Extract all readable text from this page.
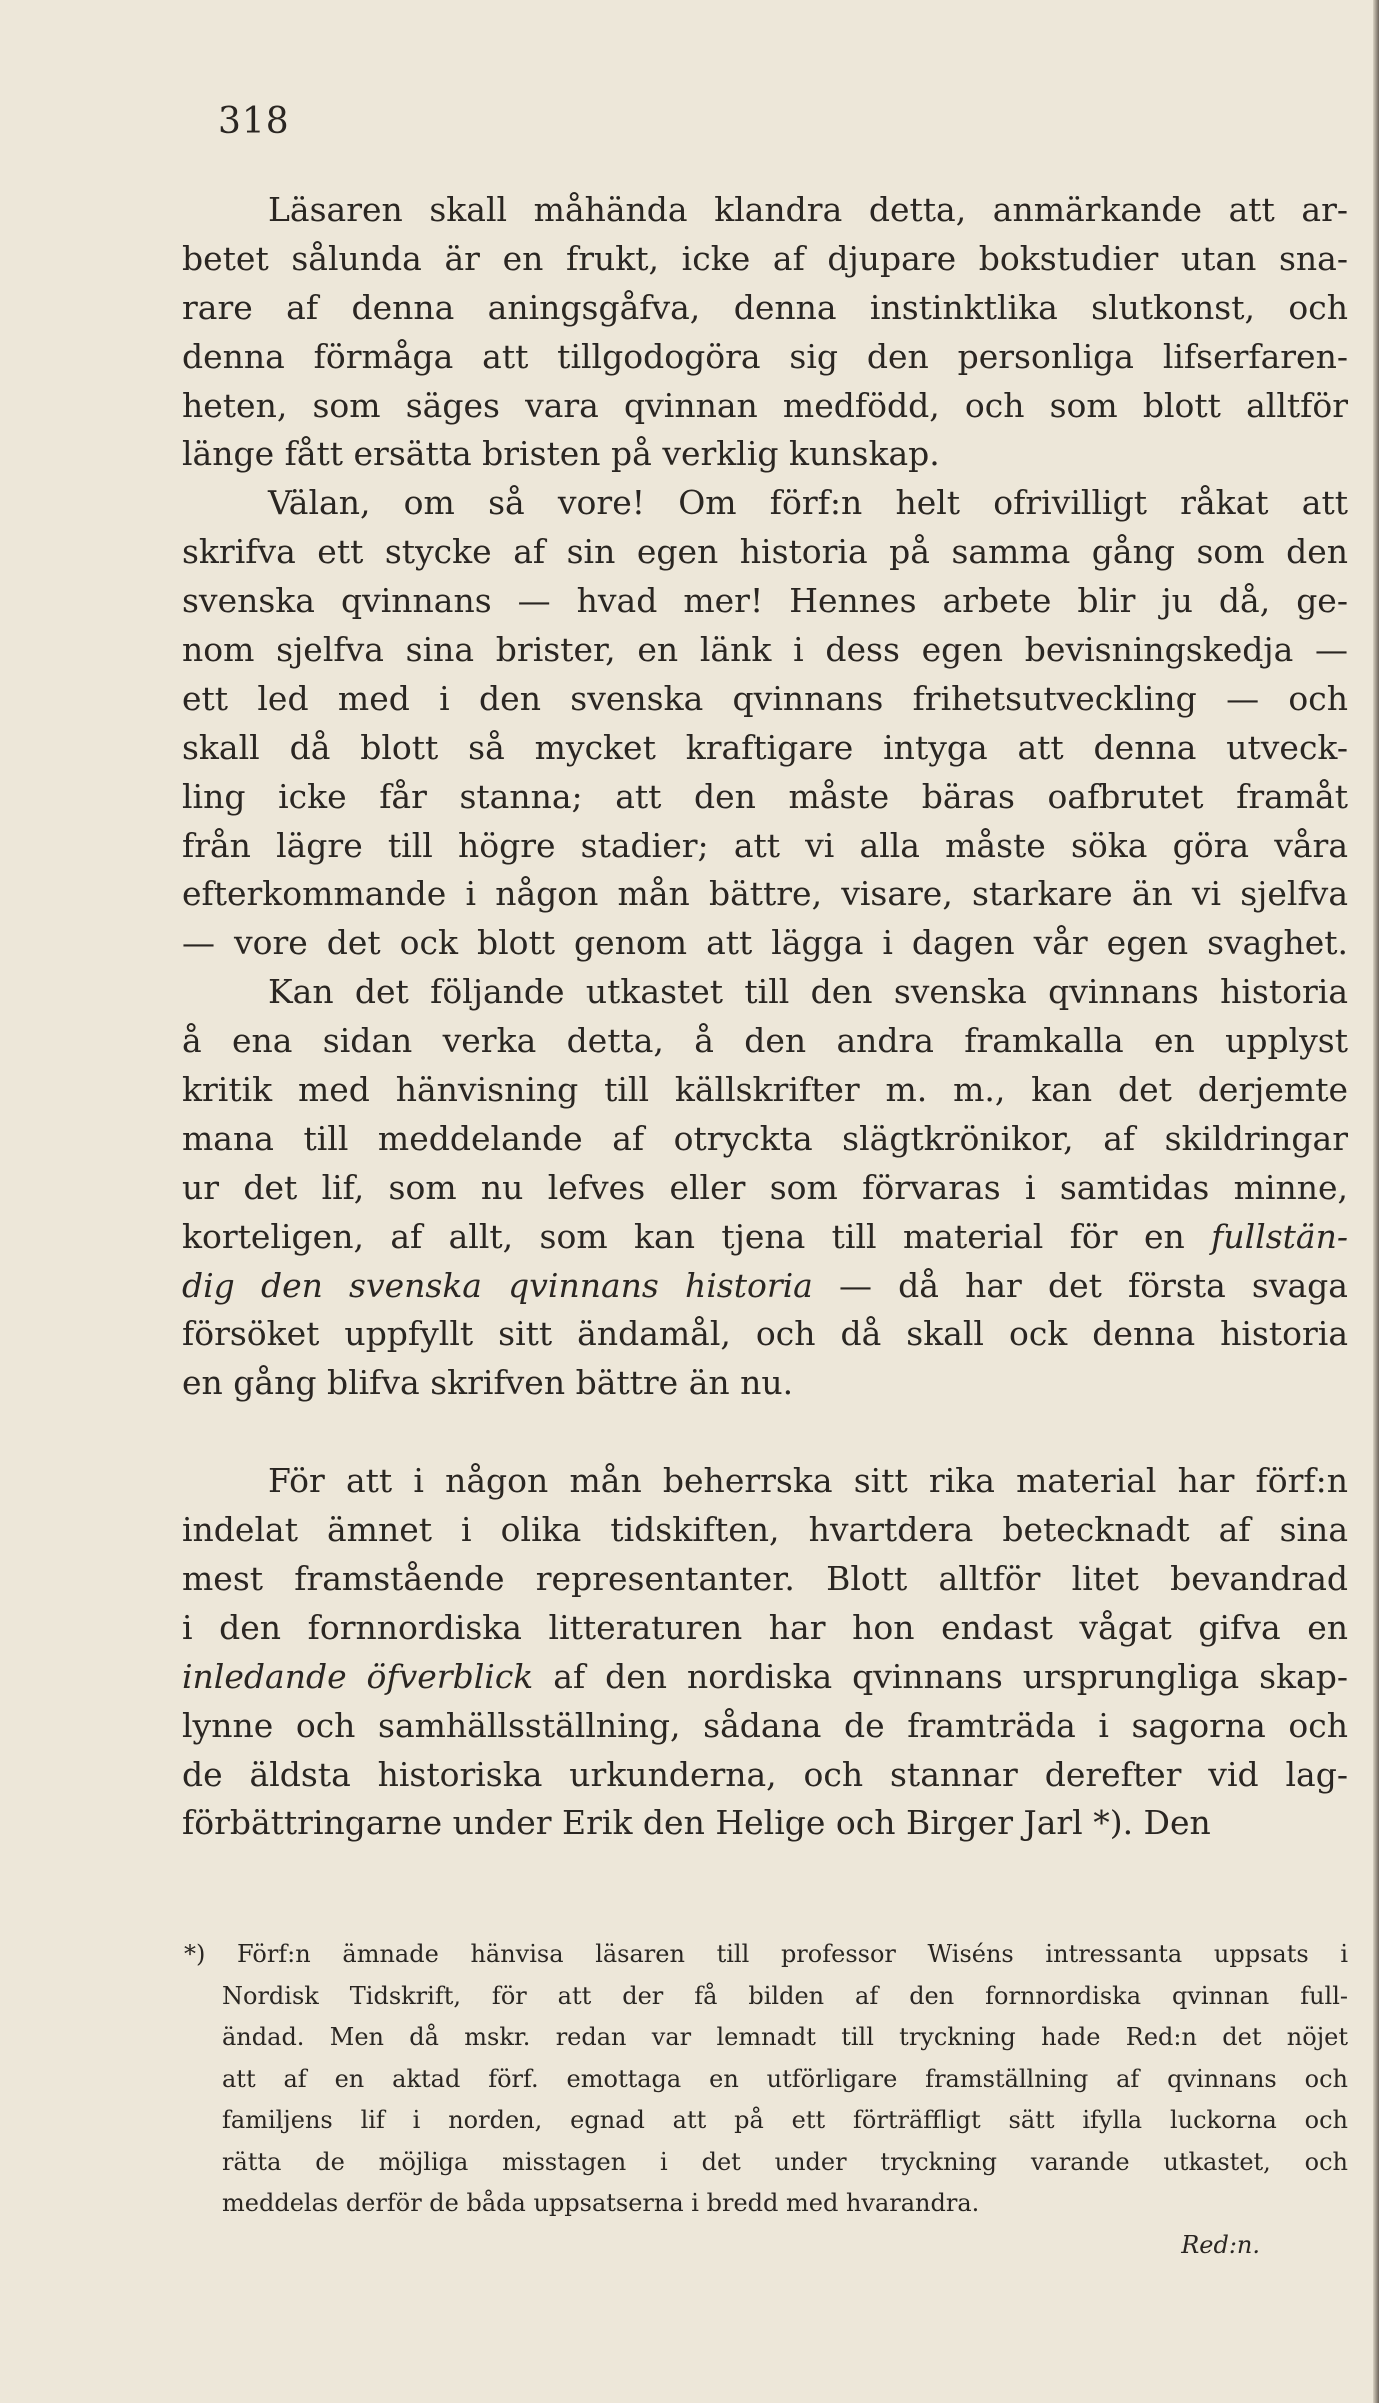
318
Läsaren skall måhända klandra detta, anmärkande att ar-
betet sålunda är en frukt, icke af djupare bokstudier utan sna-
rare af denna aningsgåfva, denna instinktlika slutkonst, och
denna förmåga att tillgodogöra sig den personliga lifserfaren-
heten, som säges vara qvinnan medfödd, och som blott alltför
länge fått ersätta bristen på verklig kunskap.
Välan, om så vore! Om förf:n helt ofrivilligt råkat att
skrifva ett stycke af sin egen historia på samma gång som den
svenska qvinnans — hvad mer! Hennes arbete blir ju då, ge-
nom sjelfva sina brister, en länk i dess egen bevisningskedja —
ett led med i den svenska qvinnans frihetsutveckling — och
skall då blott så mycket kraftigare intyga att denna utveck-
ling icke får stanna; att den måste bäras oafbrutet framåt
från lägre till högre stadier; att vi alla måste söka göra våra
efterkommande i någon mån bättre, visare, starkare än vi sjelfva
— vore det ock blott genom att lägga i dagen vår egen svaghet.
Kan det följande utkastet till den svenska qvinnans historia
å ena sidan verka detta, å den andra framkalla en upplyst
kritik med hänvisning till källskrifter m. m., kan det derjemte
mana till meddelande af otryckta slägtkrönikor, af skildringar
ur det lif, som nu lefves eller som förvaras i samtidas minne,
korteligen, af allt, som kan tjena till material för en fullstän-
dig den svenska qvinnans historia — då har det första svaga
försöket uppfyllt sitt ändamål, och då skall ock denna historia
en gång blifva skrifven bättre än nu.
För att i någon mån beherrska sitt rika material har förf:n
indelat ämnet i olika tidskiften, hvartdera betecknadt af sina
mest framstående representanter. Blott alltför litet bevandrad
i den fornnordiska litteraturen har hon endast vågat gifva en
inledande öfverblick af den nordiska qvinnans ursprungliga skap-
lynne och samhällsställning, sådana de framträda i sagorna och
de äldsta historiska urkunderna, och stannar derefter vid lag-
förbättringarne under Erik den Helige och Birger Jarl *). Den
*) Förf:n ämnade hänvisa läsaren till professor Wiséns intressanta uppsats i
Nordisk Tidskrift, för att der få bilden af den fornnordiska qvinnan full-
ändad. Men då mskr. redan var lemnadt till tryckning hade Red:n det nöjet
att af en aktad förf. emottaga en utförligare framställning af qvinnans och
familjens lif i norden, egnad att på ett förträffligt sätt ifylla luckorna och
rätta de möjliga misstagen i det under tryckning varande utkastet, och
meddelas derför de båda uppsatserna i bredd med hvarandra.
Red:n.
